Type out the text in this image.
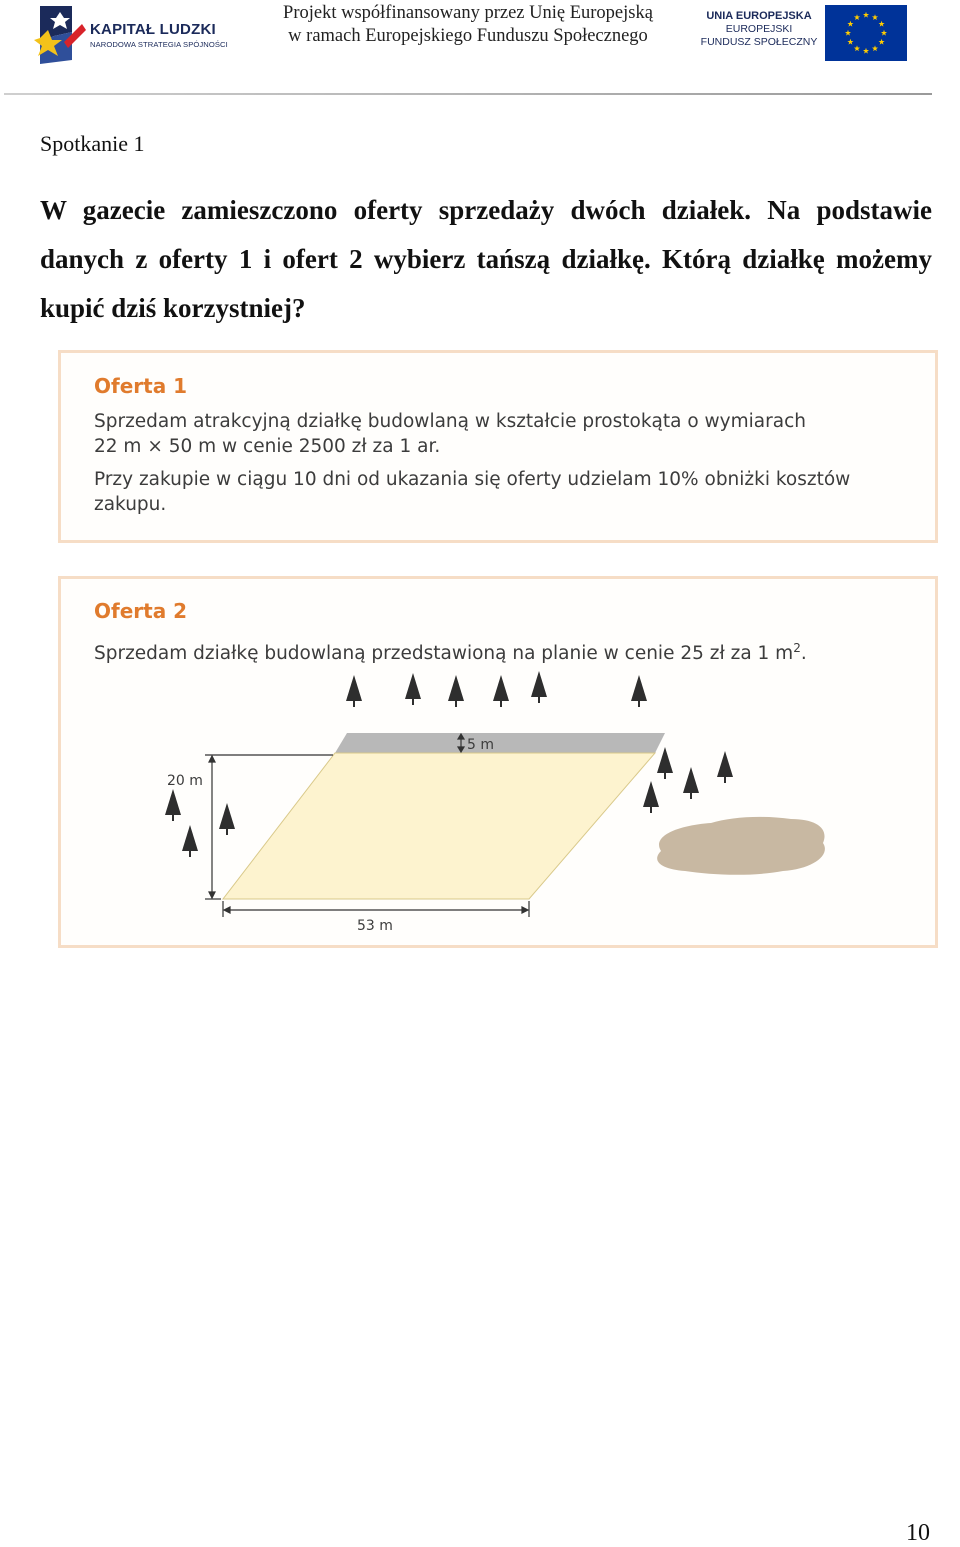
KAPITAŁ LUDZKI
NARODOWA STRATEGIA SPÓJNOŚCI
Projekt współfinansowany przez Unię Europejską
w ramach Europejskiego Funduszu Społecznego
UNIA EUROPEJSKA
EUROPEJSKI
FUNDUSZ SPOŁECZNY
Spotkanie 1
W gazecie zamieszczono oferty sprzedaży dwóch działek. Na podstawie danych z oferty 1 i ofert 2 wybierz tańszą działkę. Którą działkę możemy kupić dziś korzystniej?
Oferta 1
Sprzedam atrakcyjną działkę budowlaną w kształcie prostokąta o wymiarach
22 m × 50 m w cenie 2500 zł za 1 ar.
Przy zakupie w ciągu 10 dni od ukazania się oferty udzielam 10% obniżki kosztów
zakupu.
Oferta 2
Sprzedam działkę budowlaną przedstawioną na planie w cenie 25 zł za 1 $m^2$.
5 m
20 m
53 m
10
